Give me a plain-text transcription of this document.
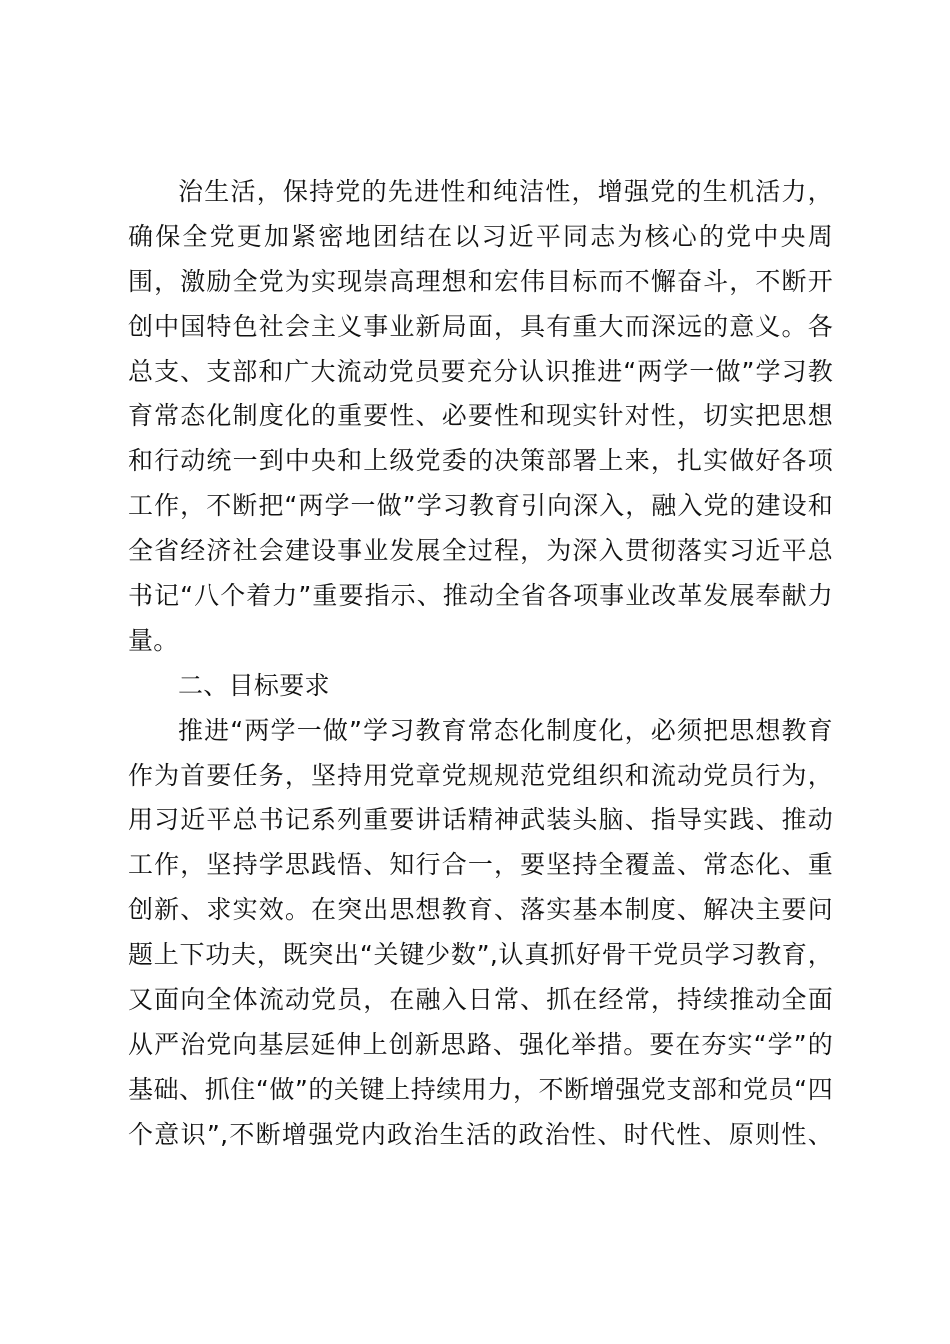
治生活，保持党的先进性和纯洁性，增强党的生机活力，
确保全党更加紧密地团结在以习近平同志为核心的党中央周
围，激励全党为实现崇高理想和宏伟目标而不懈奋斗，不断开
创中国特色社会主义事业新局面，具有重大而深远的意义。各
总支、支部和广大流动党员要充分认识推进“两学一做”学习教
育常态化制度化的重要性、必要性和现实针对性，切实把思想
和行动统一到中央和上级党委的决策部署上来，扎实做好各项
工作，不断把“两学一做”学习教育引向深入，融入党的建设和
全省经济社会建设事业发展全过程，为深入贯彻落实习近平总
书记“八个着力”重要指示、推动全省各项事业改革发展奉献力
量。
二、目标要求
推进“两学一做”学习教育常态化制度化，必须把思想教育
作为首要任务，坚持用党章党规规范党组织和流动党员行为，
用习近平总书记系列重要讲话精神武装头脑、指导实践、推动
工作，坚持学思践悟、知行合一，要坚持全覆盖、常态化、重
创新、求实效。在突出思想教育、落实基本制度、解决主要问
题上下功夫，既突出“关键少数”,认真抓好骨干党员学习教育，
又面向全体流动党员，在融入日常、抓在经常，持续推动全面
从严治党向基层延伸上创新思路、强化举措。要在夯实“学”的
基础、抓住“做”的关键上持续用力，不断增强党支部和党员“四
个意识”,不断增强党内政治生活的政治性、时代性、原则性、
